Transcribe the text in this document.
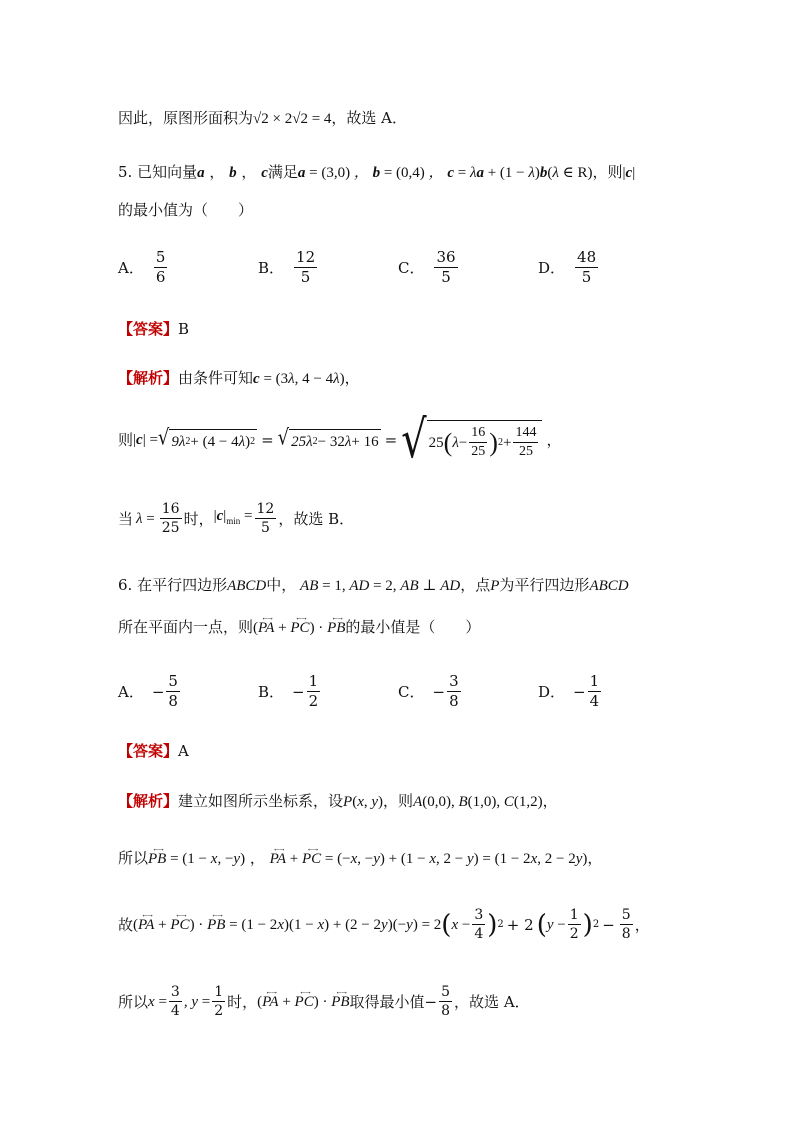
因此，原图形面积为√2 × 2√2 = 4，故选 A．
5. 已知向量a ， b ， c满足a = (3,0) ， b = (0,4) ， c = λa + (1 − λ)b(λ ∈ R)，则|c|
的最小值为（　　）
A． $\frac{5}{6}$	B． $\frac{12}{5}$	C． $\frac{36}{5}$	D． $\frac{48}{5}$
【答案】B
【解析】由条件可知c = (3λ, 4 − 4λ)，
则 |c| = √ 9λ 2 + (4 − 4 λ ) 2 = √ 25λ 2 − 32 λ + 16 = √ 25 ( $\lambda - \frac{16}{25}$ ) $2 + \frac{144}{25}$ ，
当 $\lambda = \frac{16}{25}$ 时， $|c|_{min} = \frac{12}{5}$ ，故选 B．
6. 在平行四边形ABCD中， AB = 1, AD = 2, AB ⊥ AD，点P为平行四边形ABCD
所在平面内一点，则(←→ PA + ←→ PC) · ←→ PB的最小值是（　　）
A． − $\frac{5}{8}$	B． − $\frac{1}{2}$	C． − $\frac{3}{8}$	D． − $\frac{1}{4}$
【答案】A
【解析】建立如图所示坐标系，设P(x, y)，则A(0,0), B(1,0), C(1,2)，
所以←→ PB = (1 − x, −y) ， ←→ PA + ←→ PC = (−x, −y) + (1 − x, 2 − y) = (1 − 2x, 2 − 2y)，
故 (←→ PA + ←→ PC) · ←→ PB = (1 − 2x)(1 − x) + (2 − 2y)(−y) = 2 ( $x - \frac{3}{4}$ ) 2 + 2 ( $y - \frac{1}{2}$ ) $2 - \frac{5}{8}$ ，
所以 $x = \frac{3}{4}$ , $y = \frac{1}{2}$ 时， (←→ PA + ←→ PC) · ←→ PB 取得最小值 − $\frac{5}{8}$ ，故选 A．
